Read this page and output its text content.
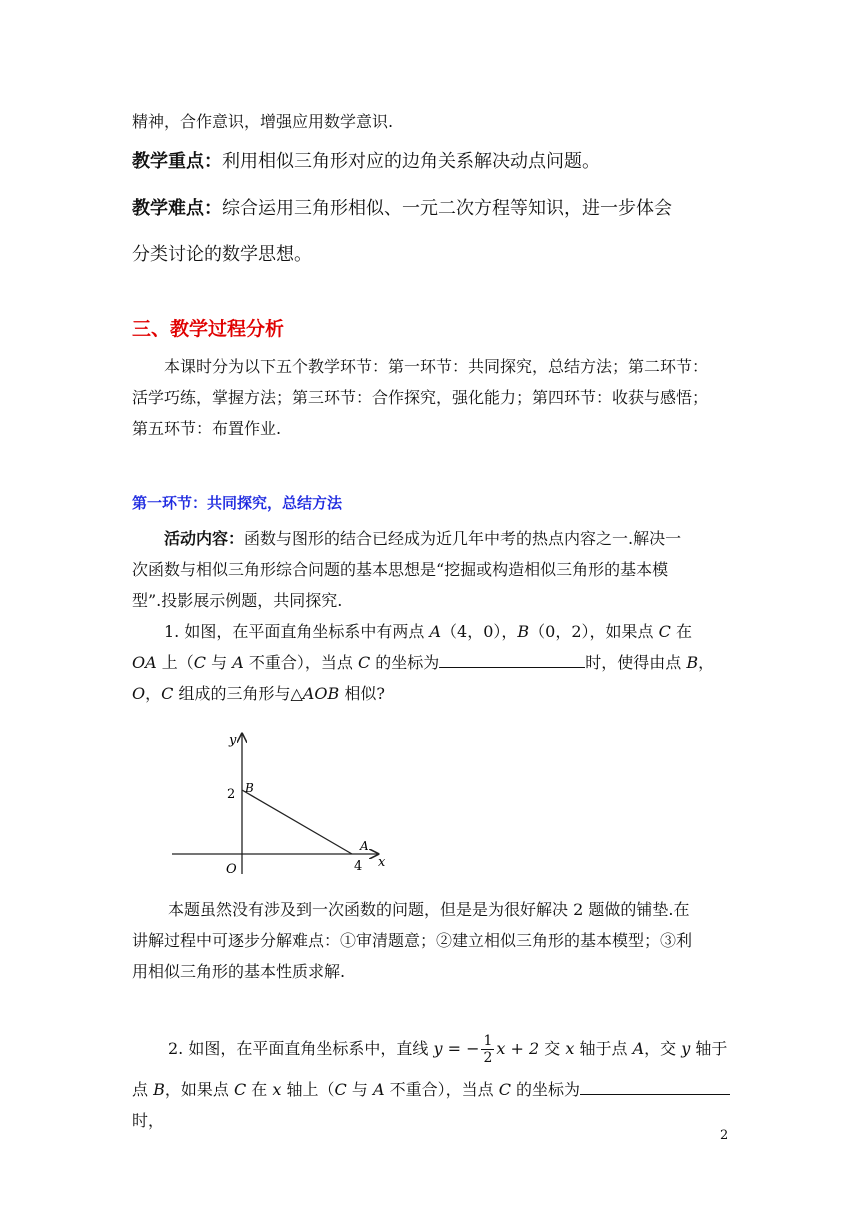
精神，合作意识，增强应用数学意识.
教学重点：利用相似三角形对应的边角关系解决动点问题。
教学难点：综合运用三角形相似、一元二次方程等知识，进一步体会
分类讨论的数学思想。
三、教学过程分析
本课时分为以下五个教学环节：第一环节：共同探究，总结方法；第二环节：
活学巧练，掌握方法；第三环节：合作探究，强化能力；第四环节：收获与感悟；
第五环节：布置作业.
第一环节：共同探究，总结方法
活动内容：函数与图形的结合已经成为近几年中考的热点内容之一.解决一
次函数与相似三角形综合问题的基本思想是“挖掘或构造相似三角形的基本模
型”.投影展示例题，共同探究.
1. 如图，在平面直角坐标系中有两点 A（4，0），B（0，2），如果点 C 在
OA 上（C 与 A 不重合），当点 C 的坐标为	时，使得由点 B，
O，C 组成的三角形与△AOB 相似?
y
x
O
B
A
2
4
本题虽然没有涉及到一次函数的问题，但是是为很好解决 2 题做的铺垫.在
讲解过程中可逐步分解难点：①审清题意；②建立相似三角形的基本模型；③利
用相似三角形的基本性质求解.
2. 如图，在平面直角坐标系中，直线 y = − $\frac{1}{2}$ x + 2 交 x 轴于点 A，交 y 轴于
点 B，如果点 C 在 x 轴上（C 与 A 不重合），当点 C 的坐标为时，
2
